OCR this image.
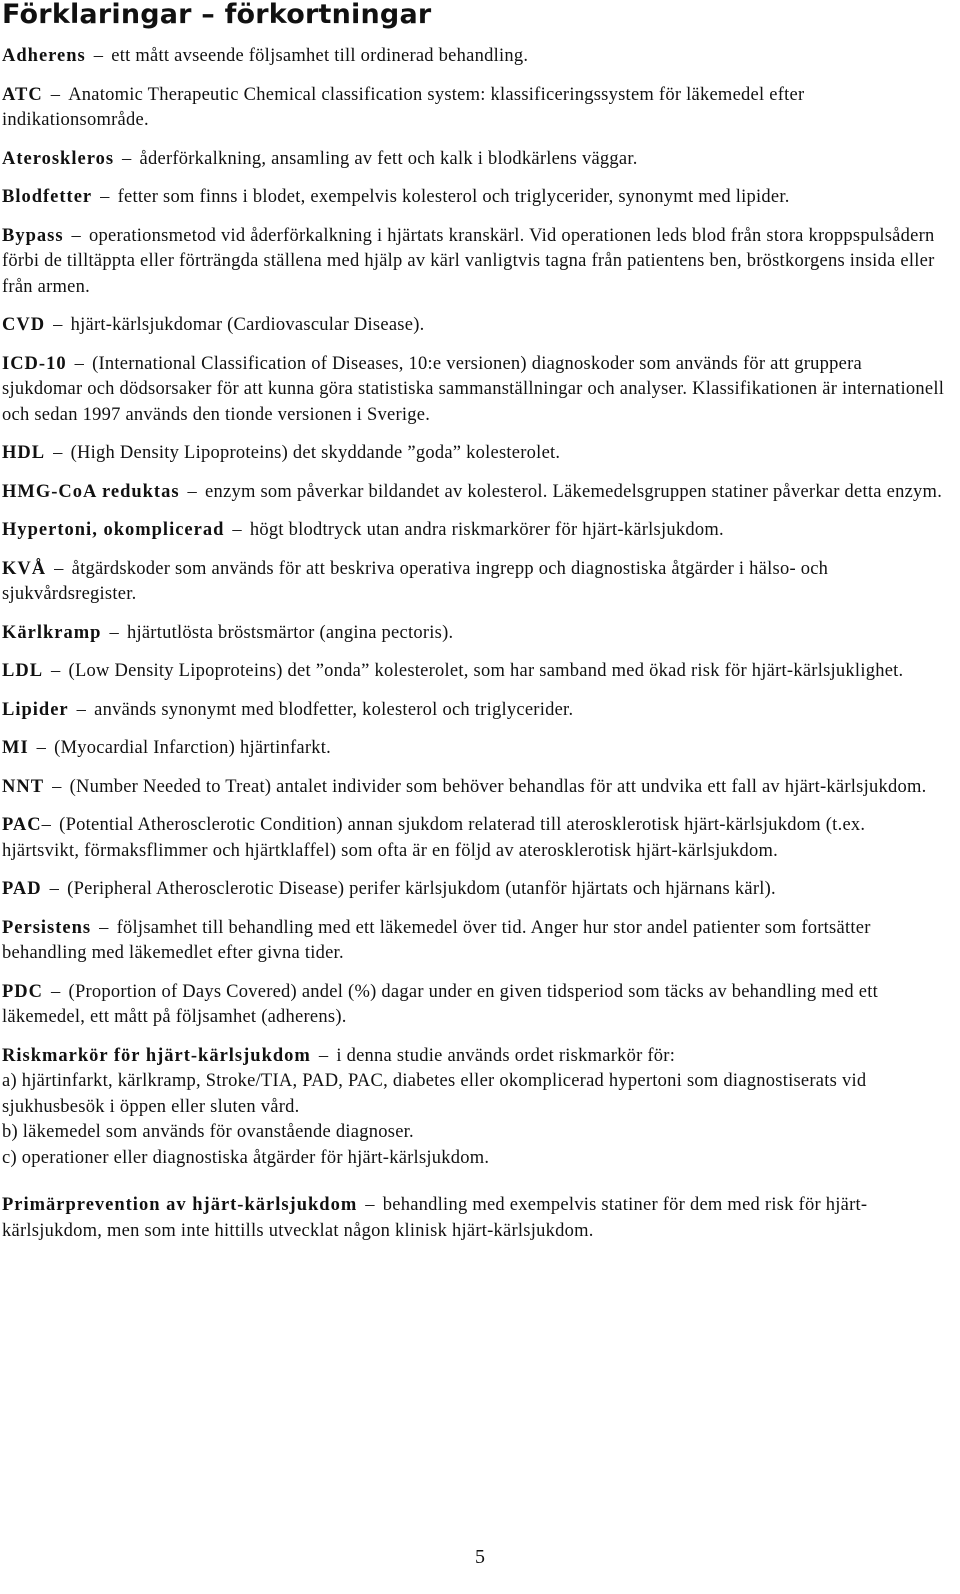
Förklaringar – förkortningar

Adherens – ett mått avseende följsamhet till ordinerad behandling.

ATC – Anatomic Therapeutic Chemical classification system: klassificeringssystem för läkemedel efter indikationsområde.

Ateroskleros – åderförkalkning, ansamling av fett och kalk i blodkärlens väggar.

Blodfetter – fetter som finns i blodet, exempelvis kolesterol och triglycerider, synonymt med lipider.

Bypass – operationsmetod vid åderförkalkning i hjärtats kranskärl. Vid operationen leds blod från stora kroppspulsådern förbi de tilltäppta eller förträngda ställena med hjälp av kärl vanligtvis tagna från patientens ben, bröstkorgens insida eller från armen.

CVD – hjärt-kärlsjukdomar (Cardiovascular Disease).

ICD-10 – (International Classification of Diseases, 10:e versionen) diagnoskoder som används för att gruppera sjukdomar och dödsorsaker för att kunna göra statistiska sammanställningar och analyser. Klassifikationen är internationell och sedan 1997 används den tionde versionen i Sverige.

HDL – (High Density Lipoproteins) det skyddande ”goda” kolesterolet.

HMG-CoA reduktas – enzym som påverkar bildandet av kolesterol. Läkemedelsgruppen statiner påverkar detta enzym.

Hypertoni, okomplicerad – högt blodtryck utan andra riskmarkörer för hjärt-kärlsjukdom.

KVÅ – åtgärdskoder som används för att beskriva operativa ingrepp och diagnostiska åtgärder i hälso- och sjukvårdsregister.

Kärlkramp – hjärtutlösta bröstsmärtor (angina pectoris).

LDL – (Low Density Lipoproteins) det ”onda” kolesterolet, som har samband med ökad risk för hjärt-kärlsjuklighet.

Lipider – används synonymt med blodfetter, kolesterol och triglycerider.

MI – (Myocardial Infarction) hjärtinfarkt.

NNT – (Number Needed to Treat) antalet individer som behöver behandlas för att undvika ett fall av hjärt-kärlsjukdom.

PAC– (Potential Atherosclerotic Condition) annan sjukdom relaterad till aterosklerotisk hjärt-kärlsjukdom (t.ex. hjärtsvikt, förmaksflimmer och hjärtklaffel) som ofta är en följd av aterosklerotisk hjärt-kärlsjukdom.

PAD – (Peripheral Atherosclerotic Disease) perifer kärlsjukdom (utanför hjärtats och hjärnans kärl).

Persistens – följsamhet till behandling med ett läkemedel över tid. Anger hur stor andel patienter som fortsätter behandling med läkemedlet efter givna tider.

PDC – (Proportion of Days Covered) andel (%) dagar under en given tidsperiod som täcks av behandling med ett läkemedel, ett mått på följsamhet (adherens).

Riskmarkör för hjärt-kärlsjukdom – i denna studie används ordet riskmarkör för:
a) hjärtinfarkt, kärlkramp, Stroke/TIA, PAD, PAC, diabetes eller okomplicerad hypertoni som diagnostiserats vid sjukhusbesök i öppen eller sluten vård.
b) läkemedel som används för ovanstående diagnoser.
c) operationer eller diagnostiska åtgärder för hjärt-kärlsjukdom.

Primärprevention av hjärt-kärlsjukdom – behandling med exempelvis statiner för dem med risk för hjärt-kärlsjukdom, men som inte hittills utvecklat någon klinisk hjärt-kärlsjukdom.

5
